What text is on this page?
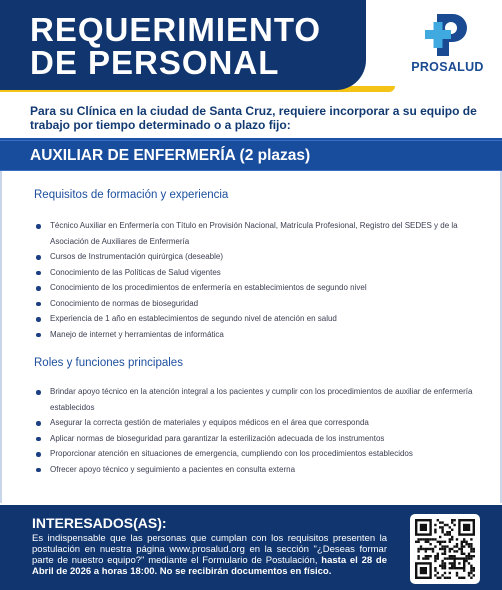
REQUERIMIENTO
DE PERSONAL	PROSALUD
Para su Clínica en la ciudad de Santa Cruz, requiere incorporar a su equipo de trabajo por tiempo determinado o a plazo fijo:
AUXILIAR DE ENFERMERÍA (2 plazas)
Requisitos de formación y experiencia
Técnico Auxiliar en Enfermería con Título en Provisión Nacional, Matrícula Profesional, Registro del SEDES y de la Asociación de Auxiliares de Enfermería
Cursos de Instrumentación quirúrgica (deseable)
Conocimiento de las Políticas de Salud vigentes
Conocimiento de los procedimientos de enfermería en establecimientos de segundo nivel
Conocimiento de normas de bioseguridad
Experiencia de 1 año en establecimientos de segundo nivel de atención en salud
Manejo de internet y herramientas de informática
Roles y funciones principales
Brindar apoyo técnico en la atención integral a los pacientes y cumplir con los procedimientos de auxiliar de enfermería establecidos
Asegurar la correcta gestión de materiales y equipos médicos en el área que corresponda
Aplicar normas de bioseguridad para garantizar la esterilización adecuada de los instrumentos
Proporcionar atención en situaciones de emergencia, cumpliendo con los procedimientos establecidos
Ofrecer apoyo técnico y seguimiento a pacientes en consulta externa
INTERESADOS(AS):
Es indispensable que las personas que cumplan con los requisitos presenten la postulación en nuestra página www.prosalud.org en la sección "¿Deseas formar parte de nuestro equipo?" mediante el Formulario de Postulación, hasta el 28 de Abril de 2026 a horas 18:00. No se recibirán documentos en físico.
